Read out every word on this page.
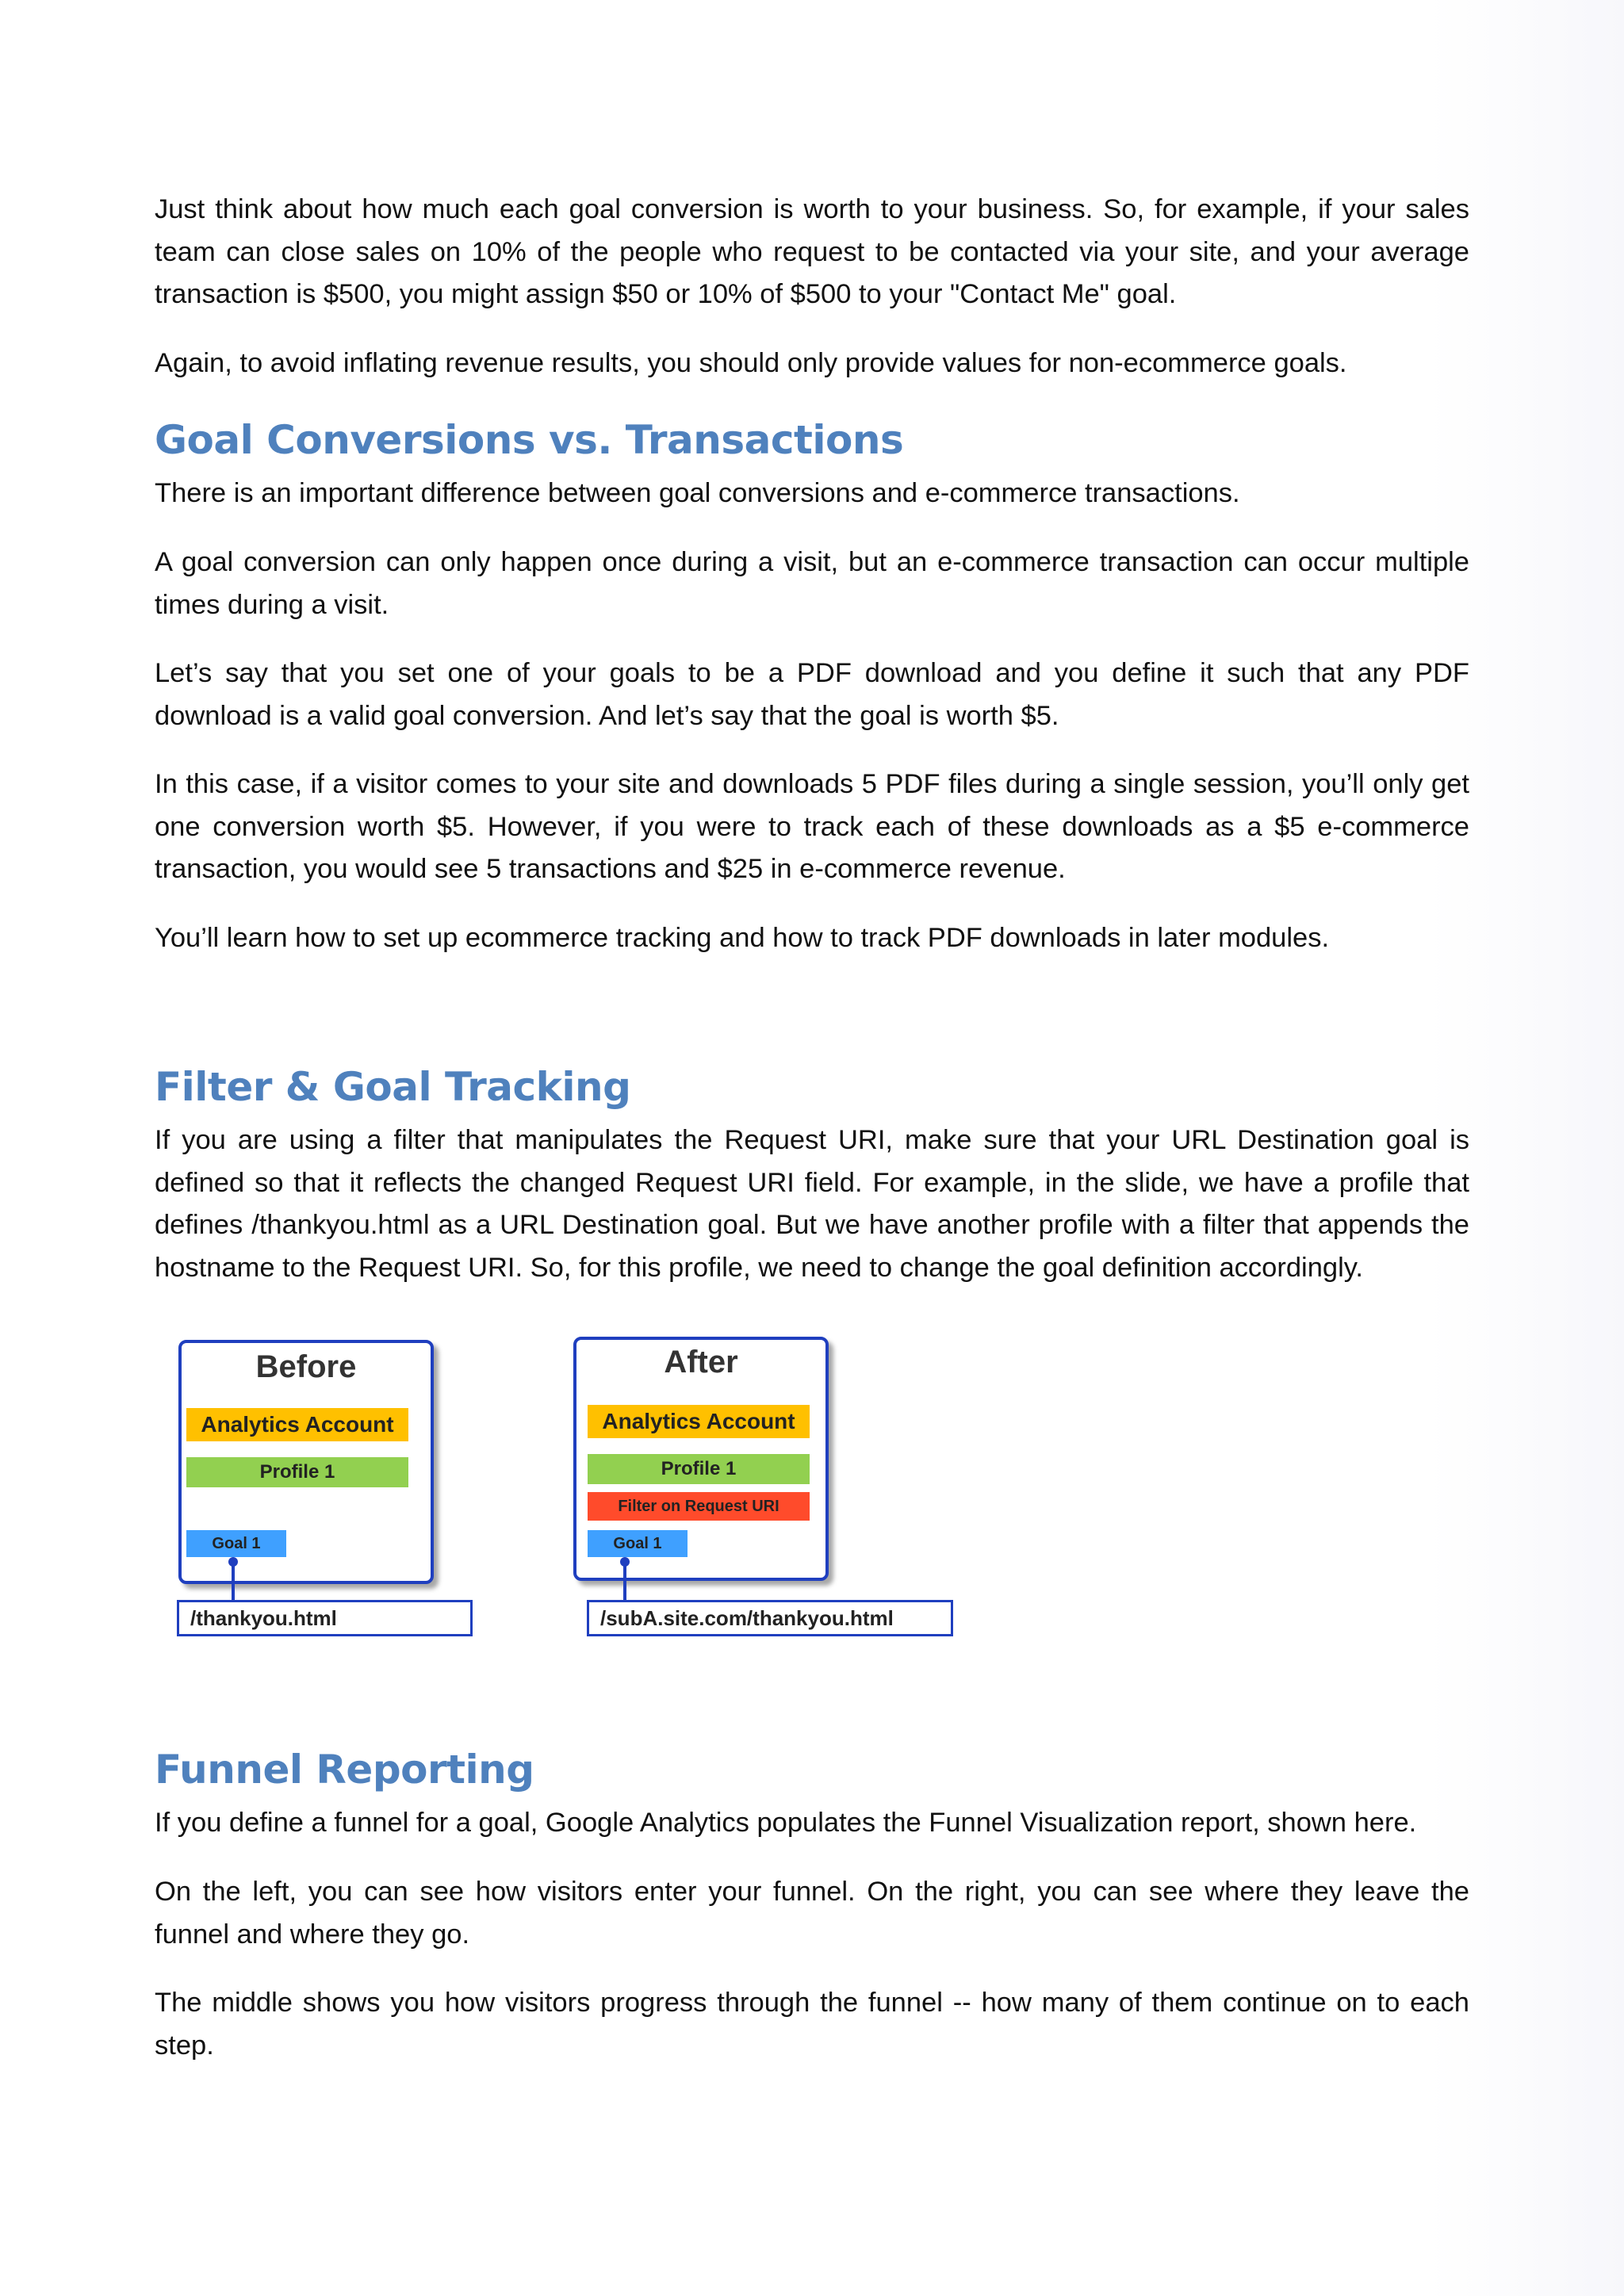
Just think about how much each goal conversion is worth to your business. So, for example, if your sales team can close sales on 10% of the people who request to be contacted via your site, and your average transaction is $500, you might assign $50 or 10% of $500 to your "Contact Me" goal.

Again, to avoid inflating revenue results, you should only provide values for non-ecommerce goals.

Goal Conversions vs. Transactions

There is an important difference between goal conversions and e-commerce transactions.

A goal conversion can only happen once during a visit, but an e-commerce transaction can occur multiple times during a visit.

Let’s say that you set one of your goals to be a PDF download and you define it such that any PDF download is a valid goal conversion. And let’s say that the goal is worth $5.

In this case, if a visitor comes to your site and downloads 5 PDF files during a single session, you’ll only get one conversion worth $5. However, if you were to track each of these downloads as a $5 e-commerce transaction, you would see 5 transactions and $25 in e-commerce revenue.

You’ll learn how to set up ecommerce tracking and how to track PDF downloads in later modules.

Filter & Goal Tracking

If you are using a filter that manipulates the Request URI, make sure that your URL Destination goal is defined so that it reflects the changed Request URI field. For example, in the slide, we have a profile that defines /thankyou.html as a URL Destination goal. But we have another profile with a filter that appends the hostname to the Request URI. So, for this profile, we need to change the goal definition accordingly.

Funnel Reporting

If you define a funnel for a goal, Google Analytics populates the Funnel Visualization report, shown here.

On the left, you can see how visitors enter your funnel. On the right, you can see where they leave the funnel and where they go.

The middle shows you how visitors progress through the funnel -- how many of them continue on to each step.

Before
Analytics Account
Profile 1
Goal 1
/thankyou.html
After
Analytics Account
Profile 1
Filter on Request URI
Goal 1
/subA.site.com/thankyou.html
